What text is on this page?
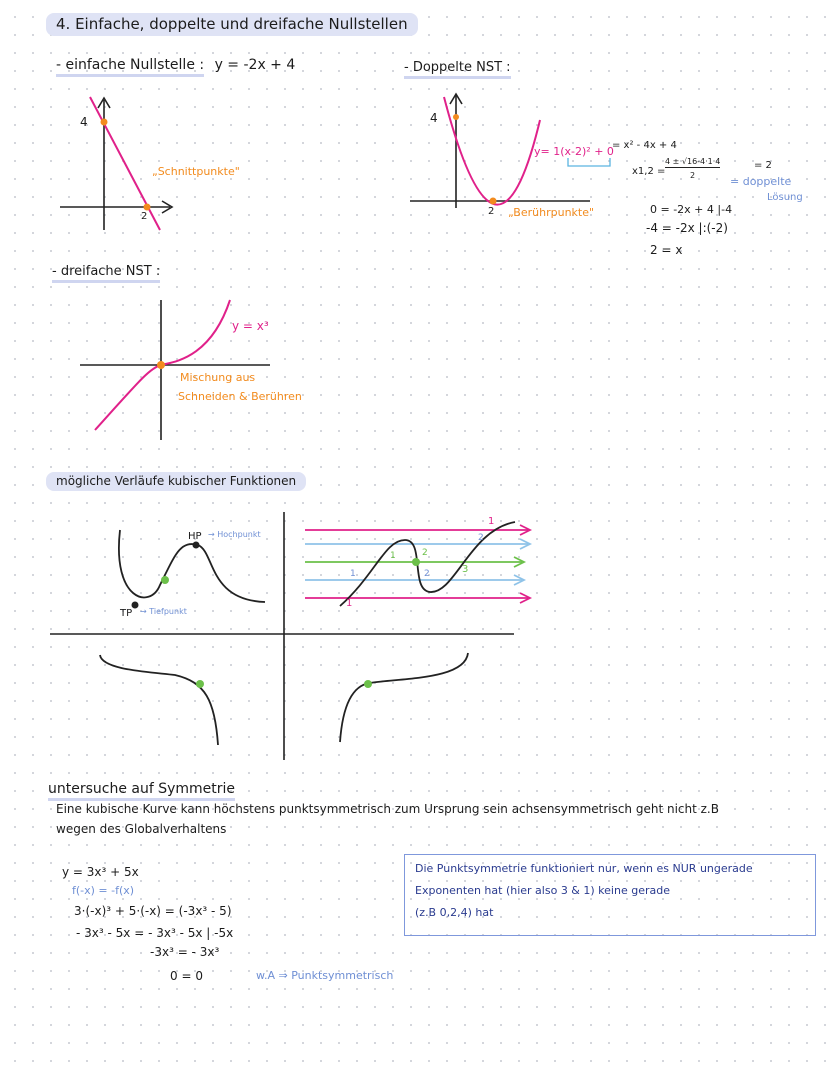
4. Einfache, doppelte und dreifache Nullstellen
- einfache Nullstelle : y = -2x + 4	- Doppelte NST :
- dreifache NST :
4
2
„Schnittpunkte"
4
2 „Berührpunkte"
y= 1(x-2)² + 0
= x² - 4x + 4
x1,2 =
4 ± √16-4·1·4
2
= 2
= doppelte
Lösung
0 = -2x + 4 |-4
-4 = -2x |:(-2)
2 = x
y = x³
Mischung aus
Schneiden & Berühren
mögliche Verläufe kubischer Funktionen
HP → Hochpunkt
TP → Tiefpunkt
1
2
1	2
3
1	2
1
untersuche auf Symmetrie
Eine kubische Kurve kann höchstens punktsymmetrisch zum Ursprung sein achsensymmetrisch geht nicht z.B
wegen des Globalverhaltens
y = 3x³ + 5x
f(-x) = -f(x)
3·(-x)³ + 5·(-x) = (-3x³ - 5)
- 3x³ - 5x = - 3x³ - 5x | -5x
-3x³ = - 3x³
0 = 0	w.A ⇒ Punktsymmetrisch
Die Punktsymmetrie funktioniert nur, wenn es NUR ungerade
Exponenten hat (hier also 3 & 1) keine gerade
(z.B 0,2,4) hat
